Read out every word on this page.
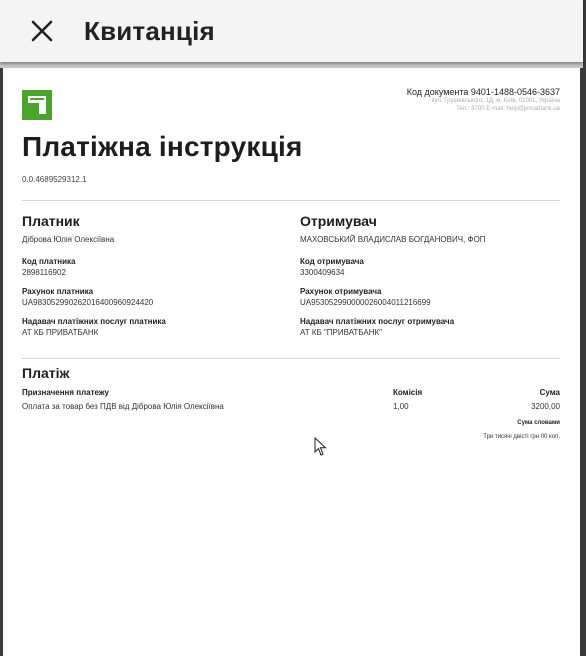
Квитанція
Код документа 9401-1488-0546-3637
вул. Грушевського, 1Д, м. Київ, 01001, Україна
Тел.: 3700 E-mail: help@privatbank.ua
Платіжна інструкція
0.0.4689529312.1
Платник
Діброва Юлія Олексіївна
Код платника
2898116902
Рахунок платника
UA983052990262016400960924420
Надавач платіжних послуг платника
АТ КБ ПРИВАТБАНК
Отримувач
МАХОВСЬКИЙ ВЛАДИСЛАВ БОГДАНОВИЧ, ФОП
Код отримувача
3300409634
Рахунок отримувача
UA953052990000026004011216699
Надавач платіжних послуг отримувача
АТ КБ "ПРИВАТБАНК"
Платіж
Призначення платежу
Оплата за товар без ПДВ від Діброва Юлія Олексіївна
Комісія
1,00
Сума
3200,00
Сума словами
Три тисячі двісті грн 00 коп.
